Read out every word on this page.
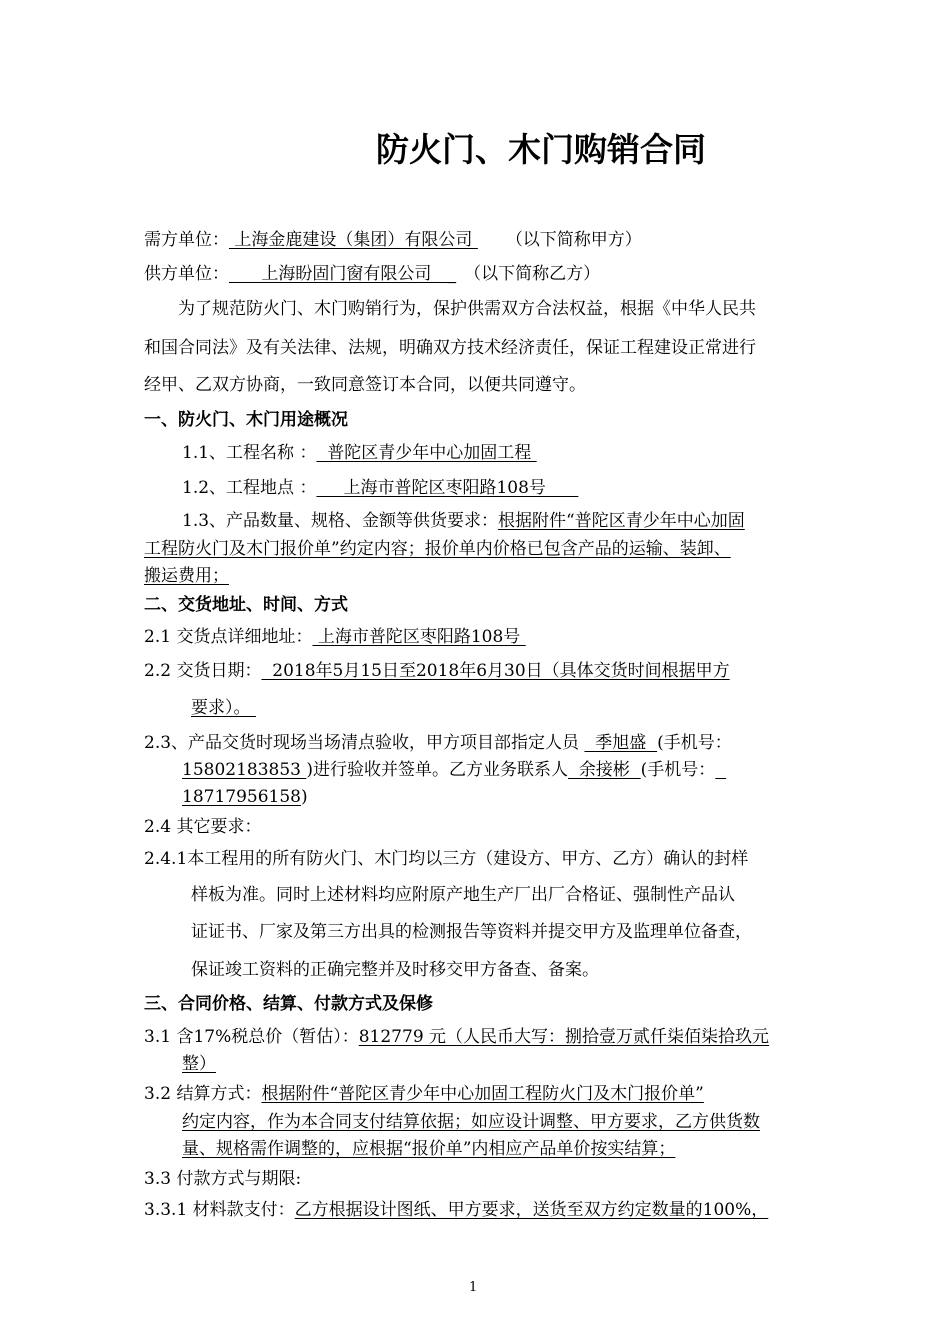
防火门、木门购销合同
需方单位： 上海金鹿建设（集团）有限公司 （以下简称甲方）
供方单位：      上海盼固门窗有限公司   _ （以下简称乙方）
为了规范防火门、木门购销行为，保护供需双方合法权益，根据《中华人民共
和国合同法》及有关法律、法规，明确双方技术经济责任，保证工程建设正常进行
经甲、乙双方协商，一致同意签订本合同，以便共同遵守。
一、防火门、木门用途概况
1.1、工程名称 ：  普陀区青少年中心加固工程
1.2、工程地点 ：     上海市普陀区枣阳路108号
1.3、产品数量、规格、金额等供货要求：根据附件“普陀区青少年中心加固
工程防火门及木门报价单”约定内容；报价单内价格已包含产品的运输、装卸、
搬运费用；
二、交货地址、时间、方式
2.1 交货点详细地址： 上海市普陀区枣阳路108号
2.2 交货日期：  2018年5月15日至2018年6月30日（具体交货时间根据甲方
要求）。
2.3、产品交货时现场当场清点验收，甲方项目部指定人员   季旭盛  (手机号：
15802183853 )进行验收并签单。乙方业务联系人  余接彬  (手机号：
18717956158)
2.4 其它要求：
2.4.1本工程用的所有防火门、木门均以三方（建设方、甲方、乙方）确认的封样
样板为准。同时上述材料均应附原产地生产厂出厂合格证、强制性产品认
证证书、厂家及第三方出具的检测报告等资料并提交甲方及监理单位备查，
保证竣工资料的正确完整并及时移交甲方备查、备案。
三、合同价格、结算、付款方式及保修
3.1 含17%税总价（暂估）：812779 元（人民币大写：捌拾壹万贰仟柒佰柒拾玖元
整）
3.2 结算方式：根据附件“普陀区青少年中心加固工程防火门及木门报价单”
约定内容，作为本合同支付结算依据；如应设计调整、甲方要求，乙方供货数
量、规格需作调整的，应根据“报价单”内相应产品单价按实结算；
3.3 付款方式与期限:
3.3.1 材料款支付：乙方根据设计图纸、甲方要求，送货至双方约定数量的100%，
1
